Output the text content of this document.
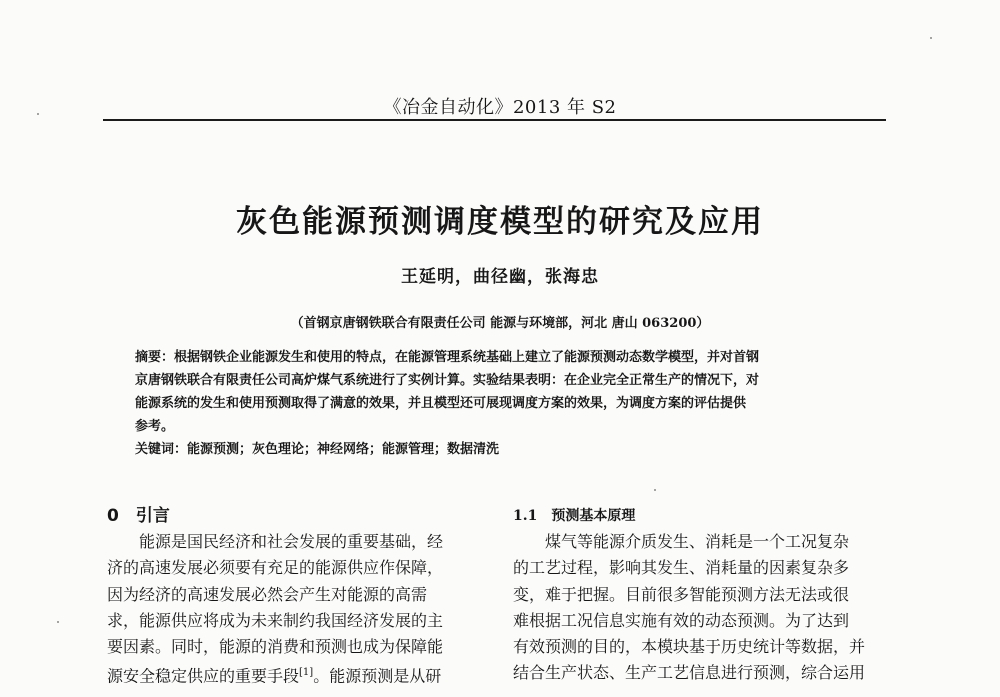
《冶金自动化》2013 年 S2
灰色能源预测调度模型的研究及应用
王延明，曲径幽，张海忠
（首钢京唐钢铁联合有限责任公司 能源与环境部，河北 唐山 063200）

摘要：根据钢铁企业能源发生和使用的特点，在能源管理系统基础上建立了能源预测动态数学模型，并对首钢

京唐钢铁联合有限责任公司高炉煤气系统进行了实例计算。实验结果表明：在企业完全正常生产的情况下，对

能源系统的发生和使用预测取得了满意的效果，并且模型还可展现调度方案的效果，为调度方案的评估提供

参考。

关键词：能源预测；灰色理论；神经网络；能源管理；数据清洗

0　引言
能源是国民经济和社会发展的重要基础，经
济的高速发展必须要有充足的能源供应作保障，
因为经济的高速发展必然会产生对能源的高需
求，能源供应将成为未来制约我国经济发展的主
要因素。同时，能源的消费和预测也成为保障能
源安全稳定供应的重要手段[1]。能源预测是从研
1.1　预测基本原理
煤气等能源介质发生、消耗是一个工况复杂
的工艺过程，影响其发生、消耗量的因素复杂多
变，难于把握。目前很多智能预测方法无法或很
难根据工况信息实施有效的动态预测。为了达到
有效预测的目的，本模块基于历史统计等数据，并
结合生产状态、生产工艺信息进行预测，综合运用
